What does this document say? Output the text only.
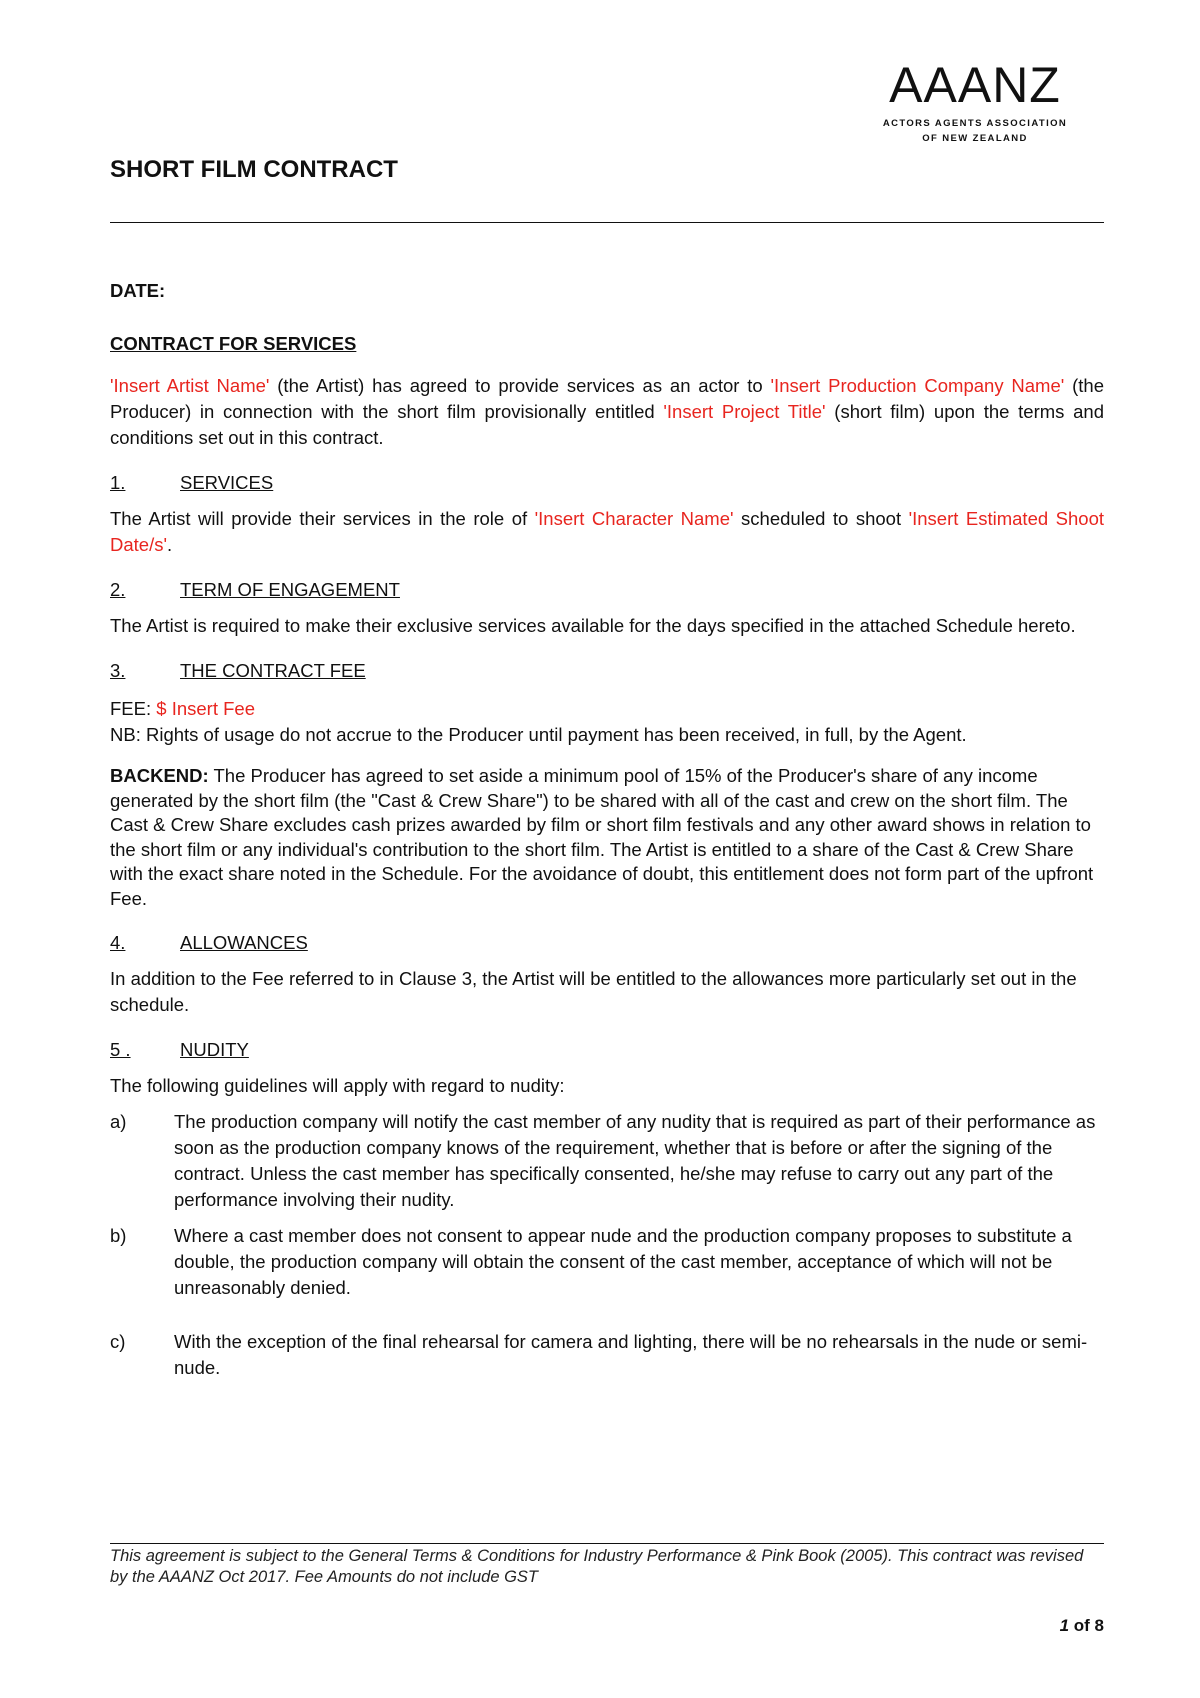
AAANZ
ACTORS AGENTS ASSOCIATION
OF NEW ZEALAND
SHORT FILM CONTRACT

DATE:

CONTRACT FOR SERVICES

'Insert Artist Name' (the Artist) has agreed to provide services as an actor to 'Insert Production Company Name' (the Producer) in connection with the short film provisionally entitled 'Insert Project Title' (short film) upon the terms and conditions set out in this contract.

1.	SERVICES

The Artist will provide their services in the role of 'Insert Character Name' scheduled to shoot 'Insert Estimated Shoot Date/s'.

2.	TERM OF ENGAGEMENT

The Artist is required to make their exclusive services available for the days specified in the attached Schedule hereto.

3.	THE CONTRACT FEE

FEE: $ Insert Fee

NB: Rights of usage do not accrue to the Producer until payment has been received, in full, by the Agent.

BACKEND: The Producer has agreed to set aside a minimum pool of 15% of the Producer's share of any income generated by the short film (the "Cast & Crew Share") to be shared with all of the cast and crew on the short film. The Cast & Crew Share excludes cash prizes awarded by film or short film festivals and any other award shows in relation to the short film or any individual's contribution to the short film. The Artist is entitled to a share of the Cast & Crew Share with the exact share noted in the Schedule. For the avoidance of doubt, this entitlement does not form part of the upfront Fee.

4.	ALLOWANCES

In addition to the Fee referred to in Clause 3, the Artist will be entitled to the allowances more particularly set out in the schedule.

5 .	NUDITY

The following guidelines will apply with regard to nudity:

a)	The production company will notify the cast member of any nudity that is required as part of their performance as soon as the production company knows of the requirement, whether that is before or after the signing of the contract. Unless the cast member has specifically consented, he/she may refuse to carry out any part of the performance involving their nudity.
b)	Where a cast member does not consent to appear nude and the production company proposes to substitute a double, the production company will obtain the consent of the cast member, acceptance of which will not be unreasonably denied.
c)	With the exception of the final rehearsal for camera and lighting, there will be no rehearsals in the nude or semi-nude.
This agreement is subject to the General Terms & Conditions for Industry Performance & Pink Book (2005). This contract was revised by the AAANZ Oct 2017. Fee Amounts do not include GST
1 of 8
